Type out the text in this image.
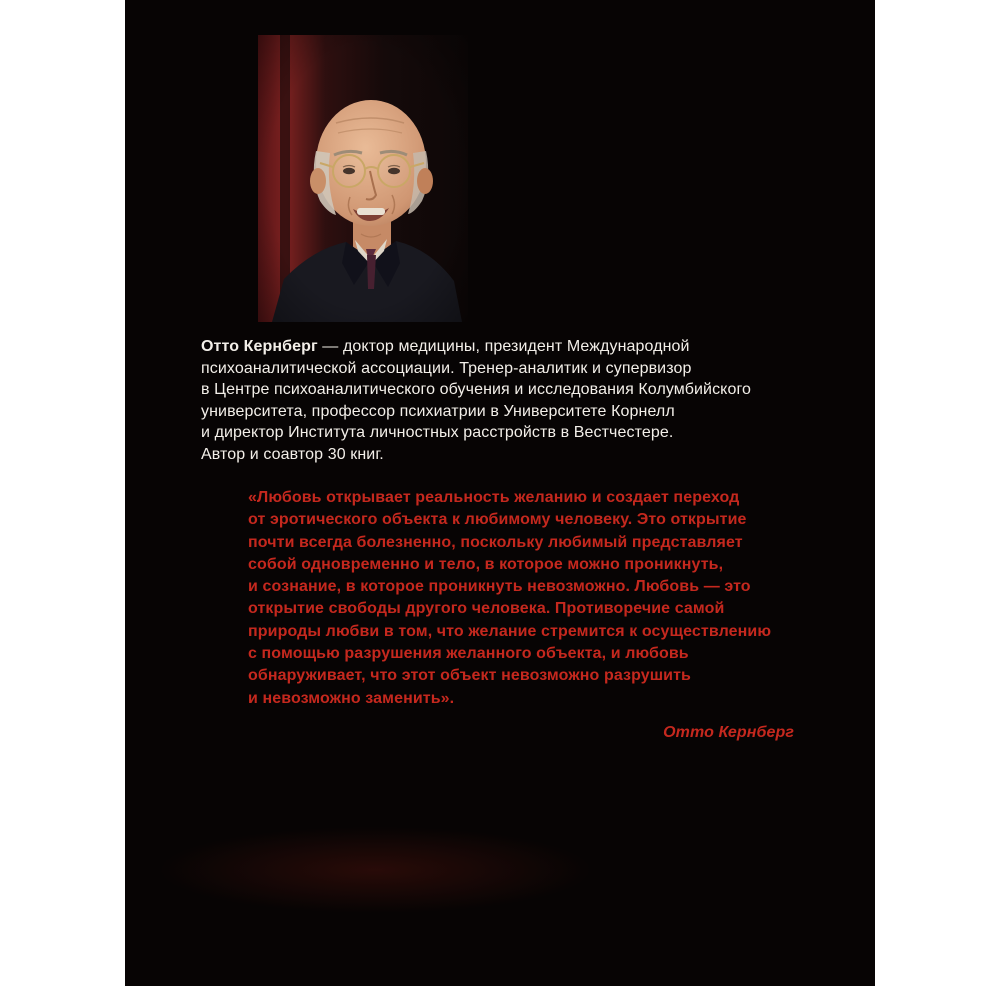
Отто Кернберг — доктор медицины, президент Международной
психоаналитической ассоциации. Тренер-аналитик и супервизор
в Центре психоаналитического обучения и исследования Колумбийского
университета, профессор психиатрии в Университете Корнелл
и директор Института личностных расстройств в Вестчестере.
Автор и соавтор 30 книг.
«Любовь открывает реальность желанию и создает переход
от эротического объекта к любимому человеку. Это открытие
почти всегда болезненно, поскольку любимый представляет
собой одновременно и тело, в которое можно проникнуть,
и сознание, в которое проникнуть невозможно. Любовь — это
открытие свободы другого человека. Противоречие самой
природы любви в том, что желание стремится к осуществлению
с помощью разрушения желанного объекта, и любовь
обнаруживает, что этот объект невозможно разрушить
и невозможно заменить».
Отто Кернберг
